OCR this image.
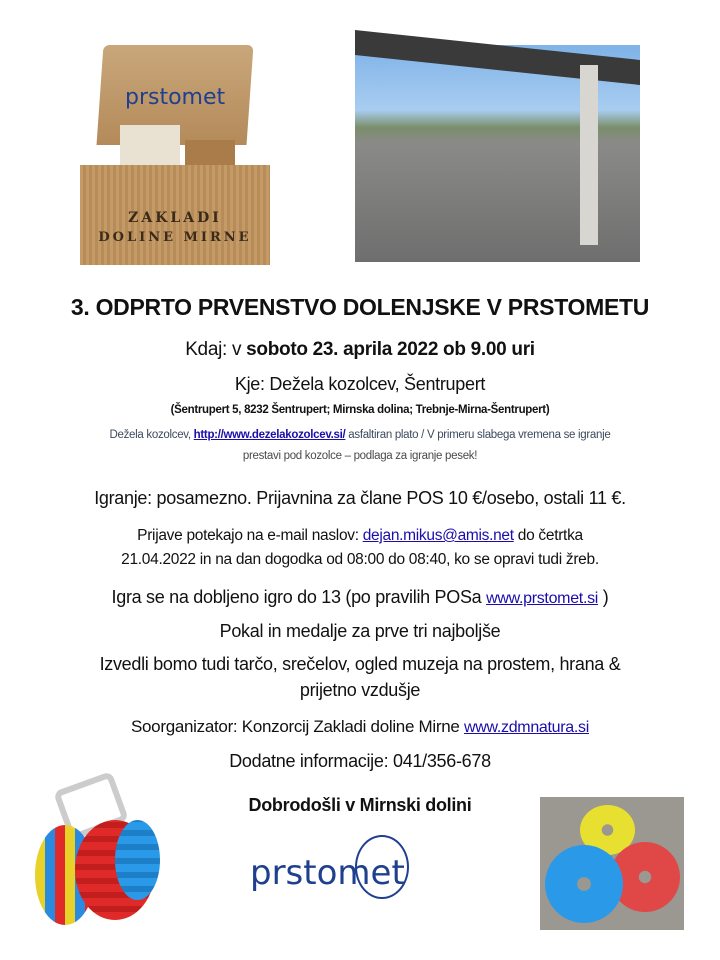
prstomet
ZAKLADI
DOLINE MIRNE
3. ODPRTO PRVENSTVO DOLENJSKE V PRSTOMETU
Kdaj: v soboto 23. aprila 2022 ob 9.00 uri
Kje: Dežela kozolcev, Šentrupert
(Šentrupert 5, 8232 Šentrupert; Mirnska dolina; Trebnje-Mirna-Šentrupert)
Dežela kozolcev, http://www.dezelakozolcev.si/ asfaltiran plato / V primeru slabega vremena se igranje
prestavi pod kozolce – podlaga za igranje pesek!
Igranje: posamezno. Prijavnina za člane POS 10 €/osebo, ostali 11 €.
Prijave potekajo na e-mail naslov: dejan.mikus@amis.net do četrtka
21.04.2022 in na dan dogodka od 08:00 do 08:40, ko se opravi tudi žreb.
Igra se na dobljeno igro do 13 (po pravilih POSa www.prstomet.si )
Pokal in medalje za prve tri najboljše
Izvedli bomo tudi tarčo, srečelov, ogled muzeja na prostem, hrana &
prijetno vzdušje
Soorganizator: Konzorcij Zakladi doline Mirne www.zdmnatura.si
Dodatne informacije: 041/356-678
Dobrodošli v Mirnski dolini
prstomet
